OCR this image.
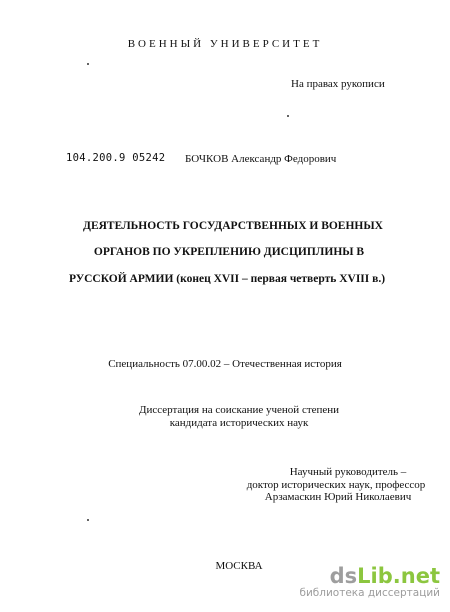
ВОЕННЫЙ УНИВЕРСИТЕТ
На правах рукописи
104.200.9 05242 БОЧКОВ Александр Федорович
ДЕЯТЕЛЬНОСТЬ ГОСУДАРСТВЕННЫХ И ВОЕННЫХ
ОРГАНОВ ПО УКРЕПЛЕНИЮ ДИСЦИПЛИНЫ В
РУССКОЙ АРМИИ (конец XVII – первая четверть XVIII в.)
Специальность 07.00.02 – Отечественная история
Диссертация на соискание ученой степени
кандидата исторических наук
Научный руководитель –
доктор исторических наук, профессор
Арзамаскин Юрий Николаевич
МОСКВА	dsLib.net
библиотека диссертаций
